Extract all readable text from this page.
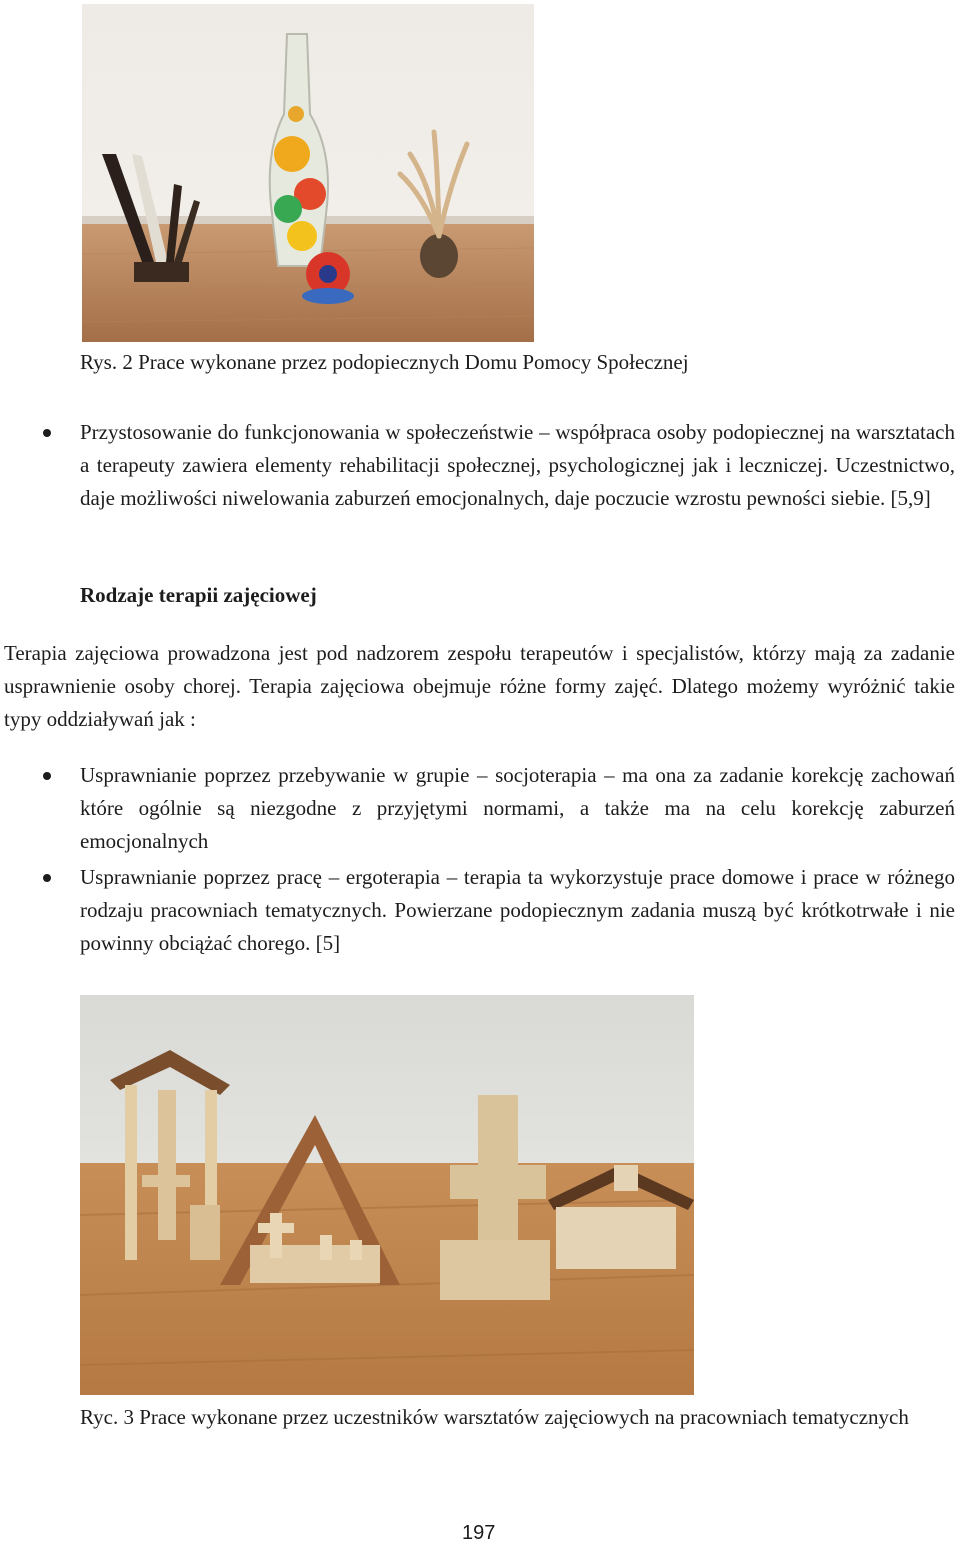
Rys. 2 Prace wykonane przez podopiecznych Domu Pomocy Społecznej
Przystosowanie do funkcjonowania w społeczeństwie – współpraca osoby podopiecznej na warsztatach a terapeuty zawiera elementy rehabilitacji społecznej, psychologicznej jak i leczniczej. Uczestnictwo, daje możliwości niwelowania zaburzeń emocjonalnych, daje poczucie wzrostu pewności siebie. [5,9]
Rodzaje terapii zajęciowej
Terapia zajęciowa prowadzona jest pod nadzorem zespołu terapeutów i specjalistów, którzy mają za zadanie usprawnienie osoby chorej. Terapia zajęciowa obejmuje różne formy zajęć. Dlatego możemy wyróżnić takie typy oddziaływań jak :
Usprawnianie poprzez przebywanie w grupie – socjoterapia – ma ona za zadanie korekcję zachowań które ogólnie są niezgodne z przyjętymi normami, a także ma na celu korekcję zaburzeń emocjonalnych
Usprawnianie poprzez pracę – ergoterapia – terapia ta wykorzystuje prace domowe i prace w różnego rodzaju pracowniach tematycznych. Powierzane podopiecznym zadania muszą być krótkotrwałe i nie powinny obciążać chorego. [5]
Ryc. 3 Prace wykonane przez uczestników warsztatów zajęciowych na pracowniach tematycznych
197
